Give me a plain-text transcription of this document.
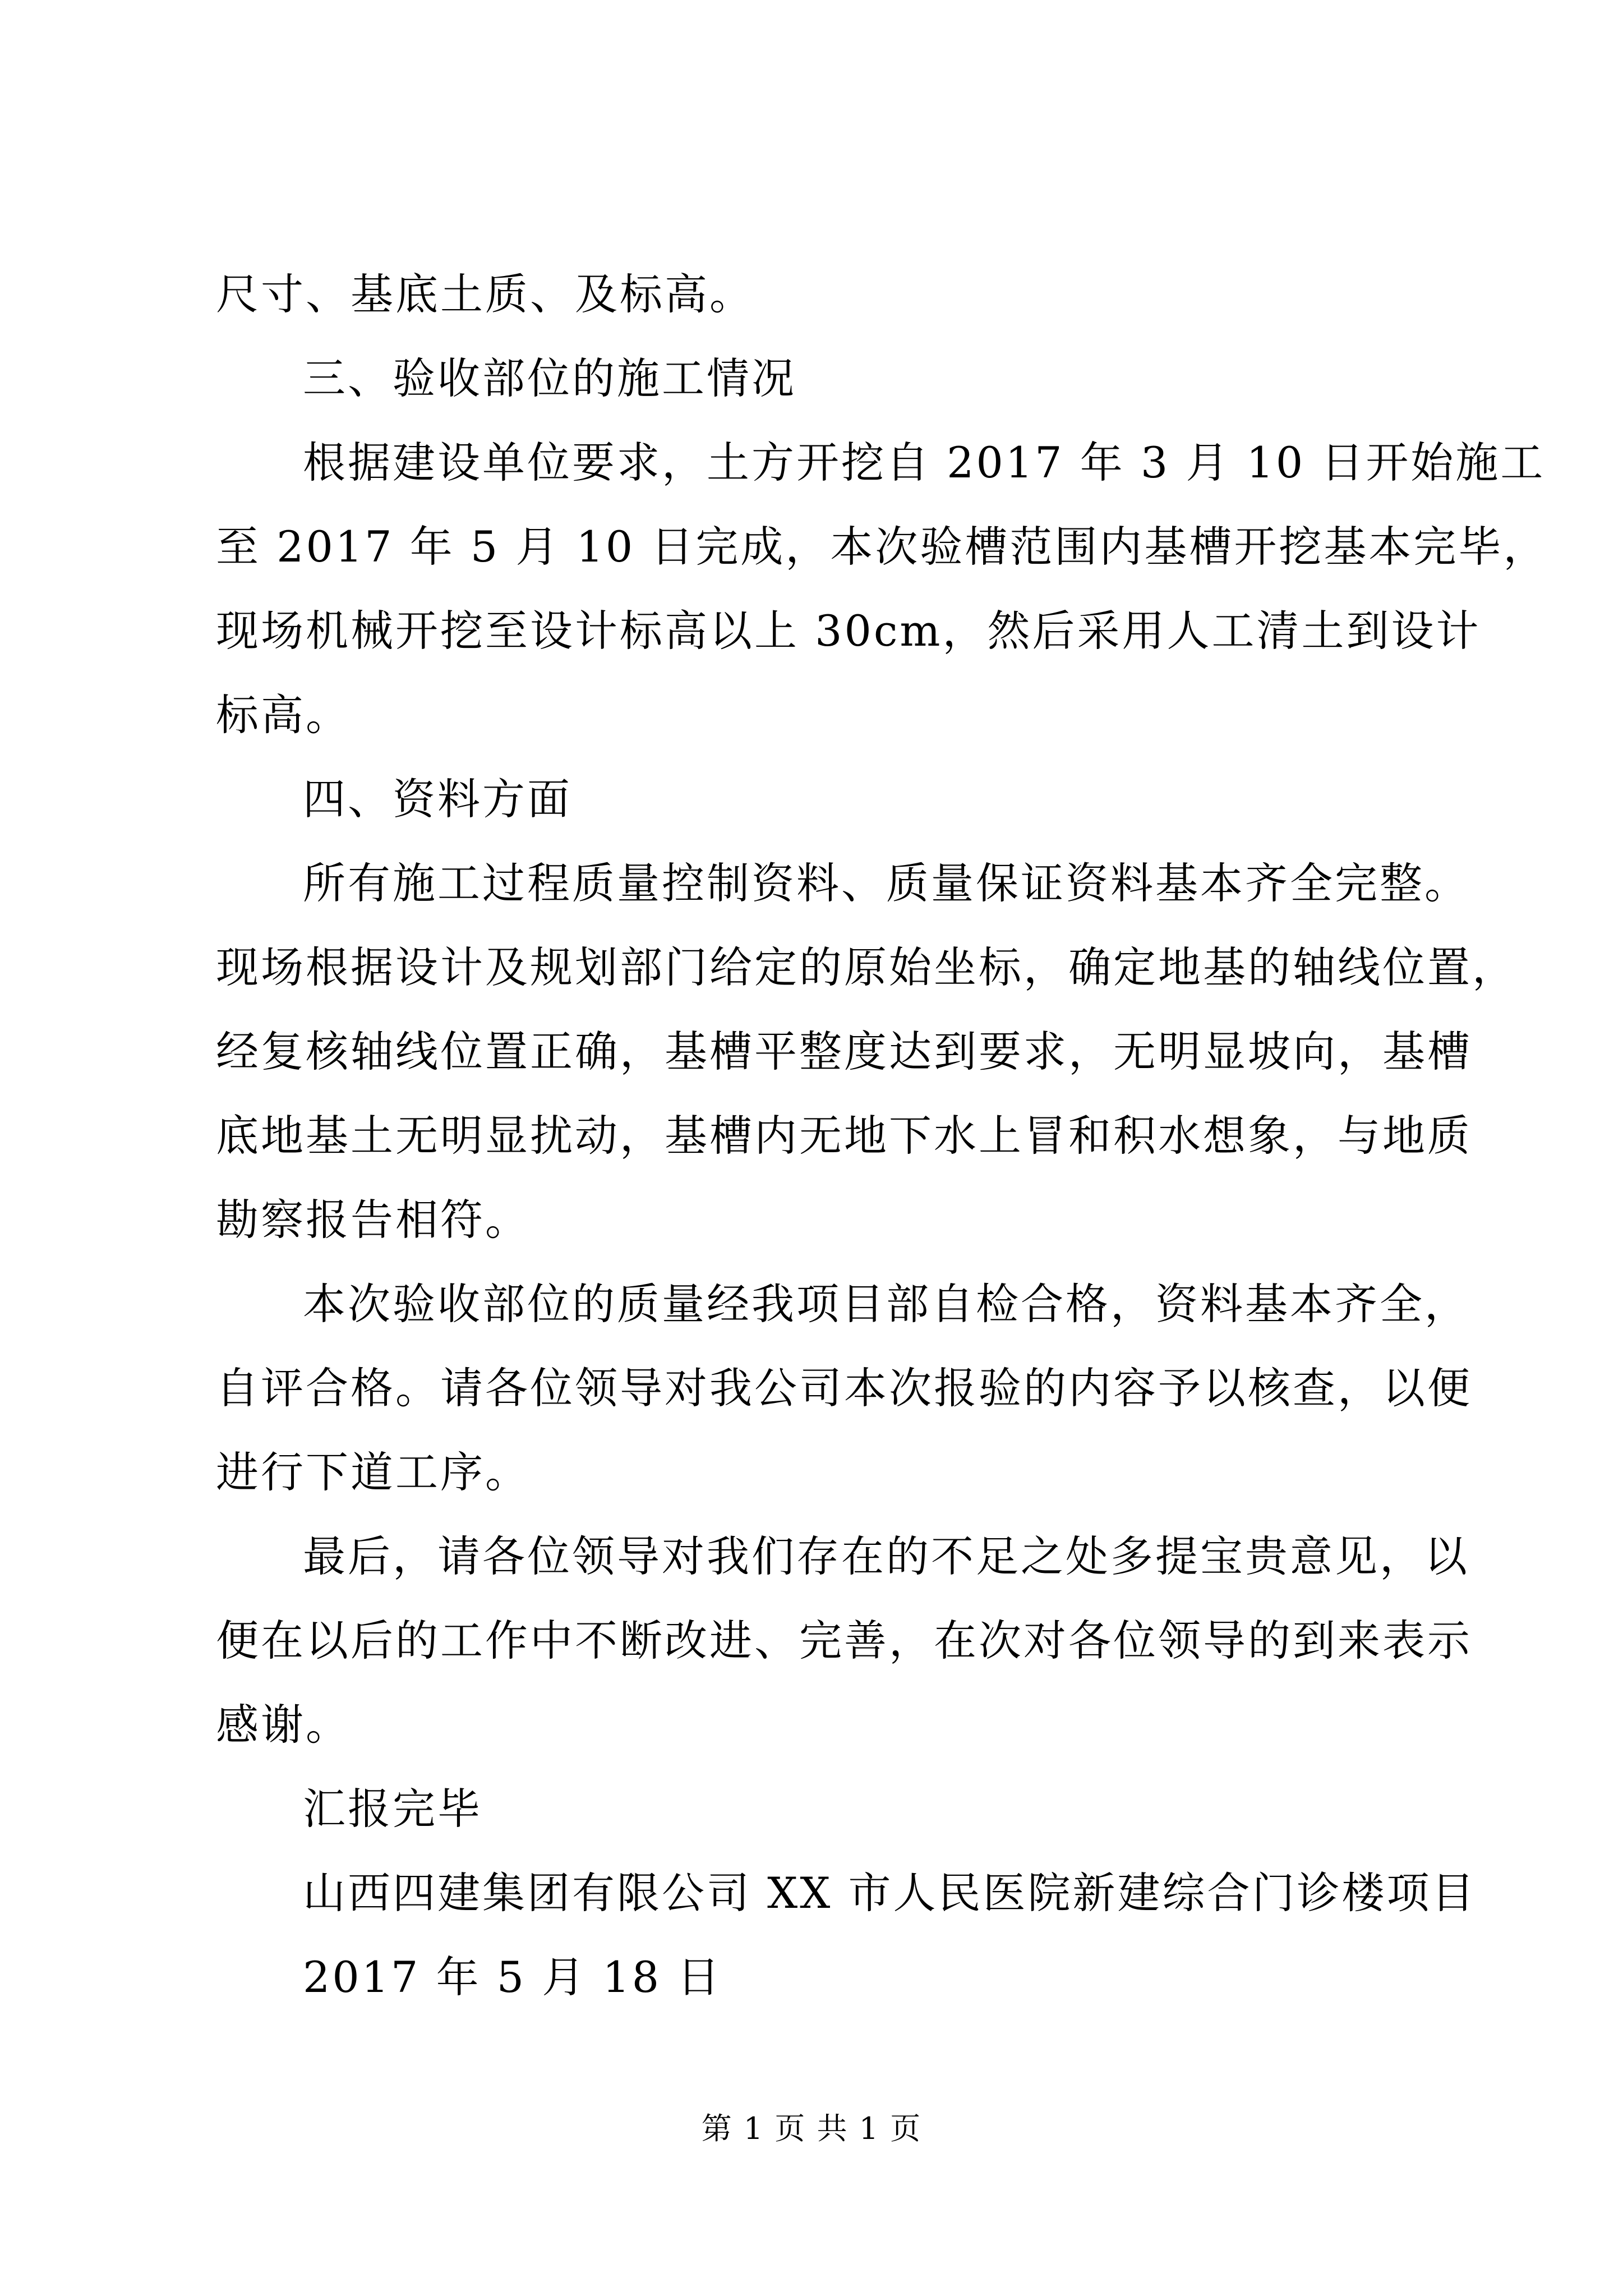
尺寸、基底土质、及标高。
三、验收部位的施工情况
根据建设单位要求，土方开挖自 2017 年 3 月 10 日开始施工
至 2017 年 5 月 10 日完成，本次验槽范围内基槽开挖基本完毕，
现场机械开挖至设计标高以上 30cm，然后采用人工清土到设计
标高。
四、资料方面
所有施工过程质量控制资料、质量保证资料基本齐全完整。
现场根据设计及规划部门给定的原始坐标，确定地基的轴线位置，
经复核轴线位置正确，基槽平整度达到要求，无明显坡向，基槽
底地基土无明显扰动，基槽内无地下水上冒和积水想象，与地质
勘察报告相符。
本次验收部位的质量经我项目部自检合格，资料基本齐全，
自评合格。请各位领导对我公司本次报验的内容予以核查，以便
进行下道工序。
最后，请各位领导对我们存在的不足之处多提宝贵意见，以
便在以后的工作中不断改进、完善，在次对各位领导的到来表示
感谢。
汇报完毕
山西四建集团有限公司 XX 市人民医院新建综合门诊楼项目
2017 年 5 月 18 日
第 1 页 共 1 页
